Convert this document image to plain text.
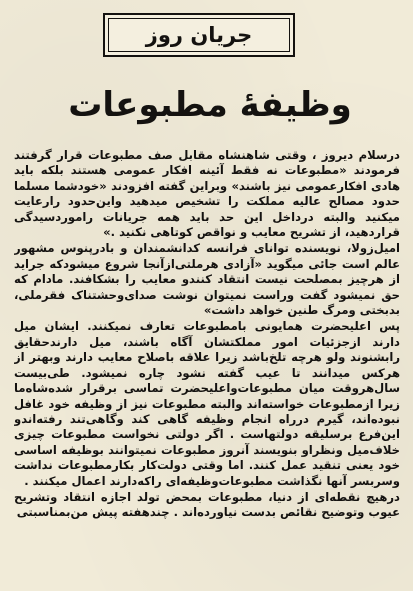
جریان روز
وظیفهٔ مطبوعات

درسلام دیروز ، وقتی شاهنشاه مقابل صف مطبوعات قرار گرفتند فرمودند «مطبوعات نه فقط آئینه افکار عمومی هستند بلکه باید هادی افکارعمومی نیز باشند» وبراین گفته افزودند «خودشما مسلما حدود مصالح عالیه مملکت را تشخیص میدهید واین‌حدود رارعایت میکنید والبته درداخل این حد باید همه جریانات رامورد‌سیدگی قراردهید، از تشریح معایب و نواقص کوتاهی نکنید .»

امیل‌زولا، نویسنده توانای فرانسه کدانشمندان و بادرپنوس مشهور عالم است جائی میگوید «آزادی هرملتی‌ازآنجا شروع میشودکه جراید از هرچیز بمصلحت نیست انتقاد کنندو معایب را بشکافند. مادام که حق نمیشود گفت وراست نمیتوان نوشت صدای‌وحشتناک فقرملی، بدبختی ومرگ طنین خواهد داشت»

پس اعلیحضرت همایونی بامطبوعات تعارف نمیکنند. ایشان میل دارند ازجزئیات امور مملکتشان آگاه باشند، میل دارندحقایق رابشنوند ولو هرچه تلخ‌باشد زیرا علاقه باصلاح معایب دارند وبهتر از هرکس میدانند تا عیب گفته نشود چاره نمیشود. طی‌بیست سال‌هروقت میان مطبوعات‌واعلیحضرت تماسی برقرار شده‌شاه‌ما زیرا ازمطبوعات خواسته‌اند والبته مطبوعات نیز از وظیفه خود غافل نبوده‌اند، گیرم درراه انجام وظیفه گاهی کند وگاهی‌تند رفته‌اندو این‌فرع برسلیقه دولتهاست . اگر دولتی نخواست مطبوعات چیزی خلاف‌میل ونظراو بنویسند آنروز مطبوعات نمیتوانند بوظیفه اساسی خود یعنی تنقید عمل کنند. اما وقتی دولت‌کار بکارمطبوعات نداشت وسربسر آنها نگذاشت مطبوعات‌وظیفه‌ای را‌که‌دارند اعمال میکنند .

درهیچ نقطه‌ای از دنیا، مطبوعات بمحض تولد اجازه انتقاد وتشریح عیوب وتوضیح نقائص بدست نیاورده‌اند . چندهفته پیش من‌بمناسبتی
